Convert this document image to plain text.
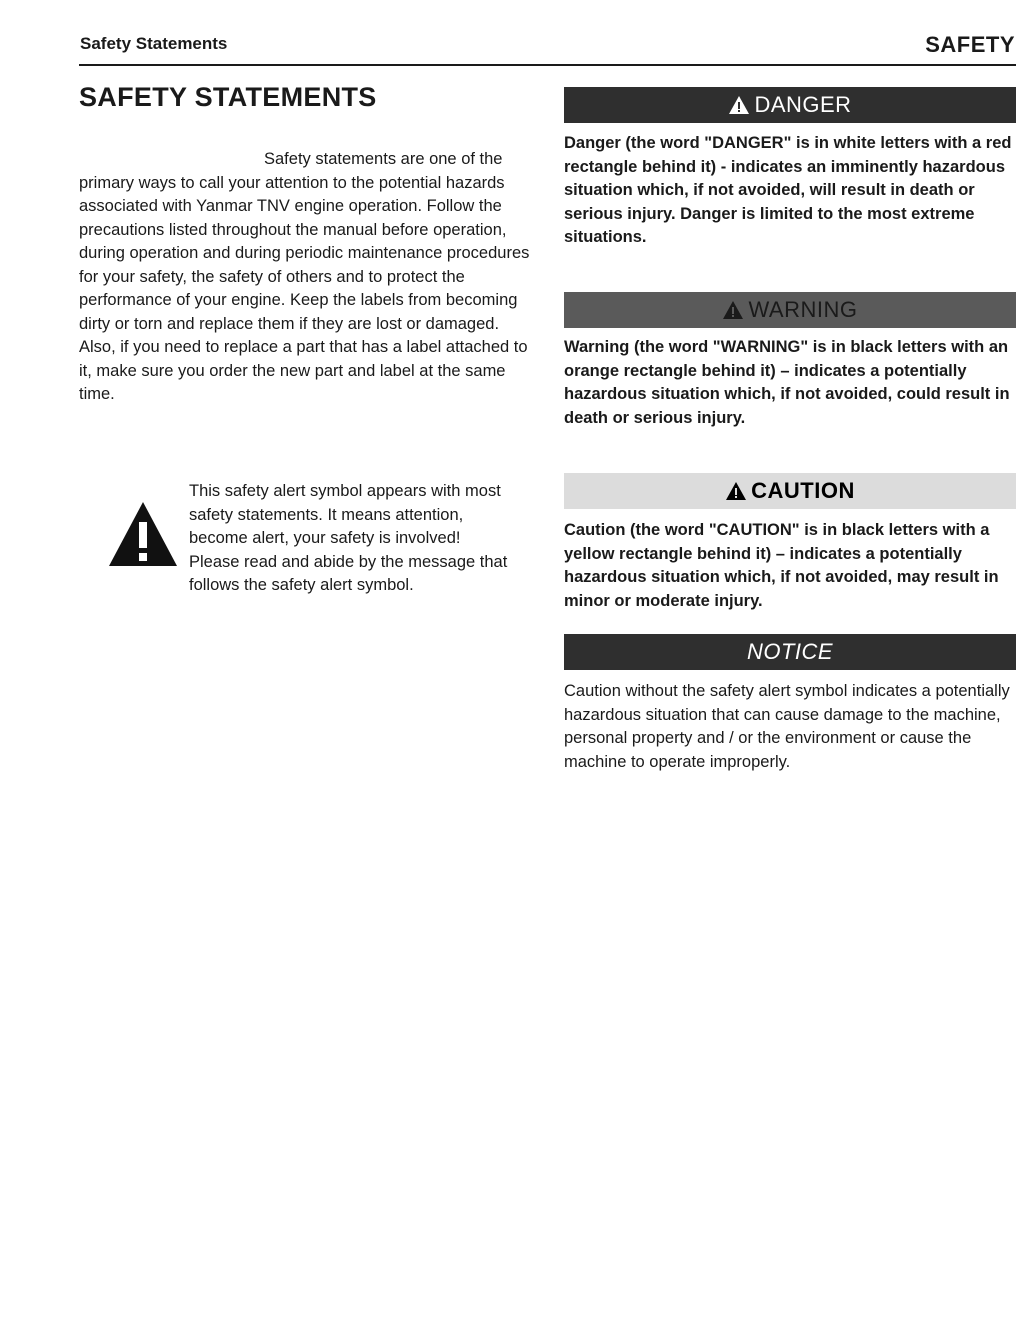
Safety Statements	SAFETY
SAFETY STATEMENTS

Safety statements are one of the primary ways to call your attention to the potential hazards associated with Yanmar TNV engine operation. Follow the precautions listed throughout the manual before operation, during operation and during periodic maintenance procedures for your safety, the safety of others and to protect the performance of your engine. Keep the labels from becoming dirty or torn and replace them if they are lost or damaged. Also, if you need to replace a part that has a label attached to it, make sure you order the new part and label at the same time.

This safety alert symbol appears with most safety statements. It means attention, become alert, your safety is involved! Please read and abide by the message that follows the safety alert symbol.

DANGER

Danger (the word "DANGER" is in white letters with a red rectangle behind it) - indicates an imminently hazardous situation which, if not avoided, will result in death or serious injury. Danger is limited to the most extreme situations.

WARNING

Warning (the word "WARNING" is in black letters with an orange rectangle behind it) – indicates a potentially hazardous situation which, if not avoided, could result in death or serious injury.

CAUTION

Caution (the word "CAUTION" is in black letters with a yellow rectangle behind it) – indicates a potentially hazardous situation which, if not avoided, may result in minor or moderate injury.

NOTICE

Caution without the safety alert symbol indicates a potentially hazardous situation that can cause damage to the machine, personal property and / or the environment or cause the machine to operate improperly.
